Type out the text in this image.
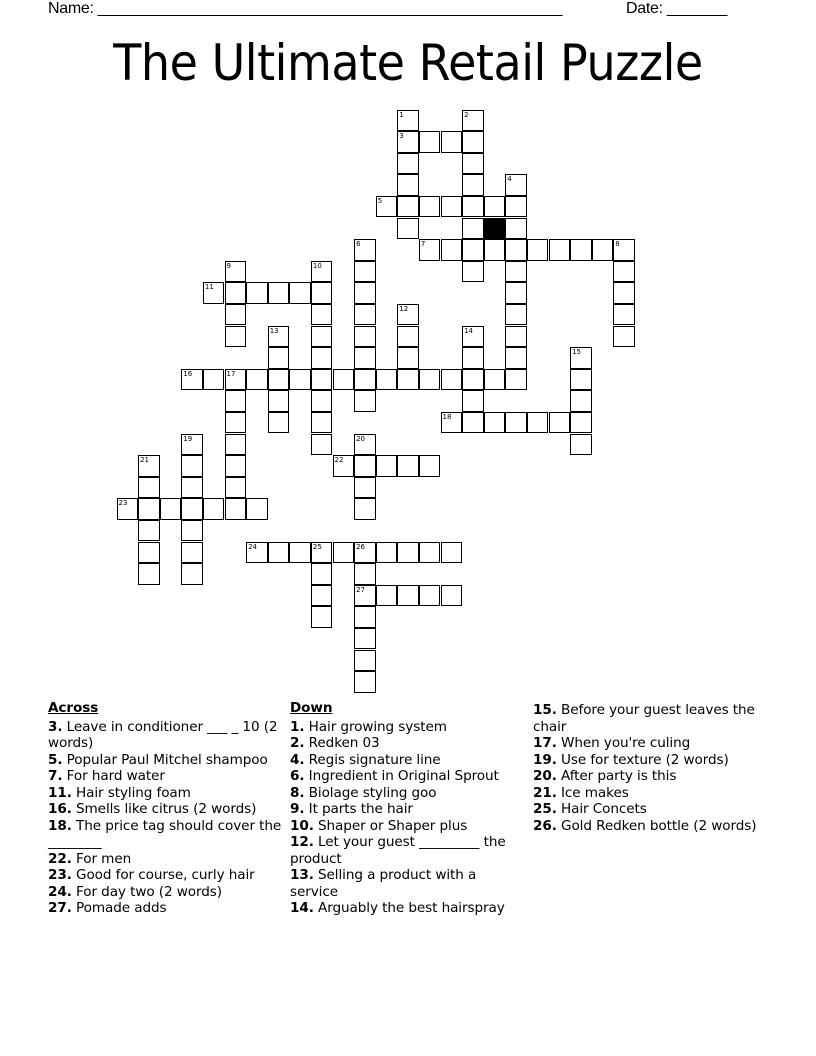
Name: ______________________________________________________	Date: _______
The Ultimate Retail Puzzle
1
3
2
4
5
6	7	8
9	10
11
12
13	14
15
16	17
18
19	20
21	22
23
24	25	26
27
Across
3. Leave in conditioner ___ _ 10 (2 words)
5. Popular Paul Mitchel shampoo
7. For hard water
11. Hair styling foam
16. Smells like citrus (2 words)
18. The price tag should cover the ________
22. For men
23. Good for course, curly hair
24. For day two (2 words)
27. Pomade adds
Down
1. Hair growing system
2. Redken 03
4. Regis signature line
6. Ingredient in Original Sprout
8. Biolage styling goo
9. It parts the hair
10. Shaper or Shaper plus
12. Let your guest _________ the product
13. Selling a product with a service
14. Arguably the best hairspray
15. Before your guest leaves the chair
17. When you're culing
19. Use for texture (2 words)
20. After party is this
21. Ice makes
25. Hair Concets
26. Gold Redken bottle (2 words)
